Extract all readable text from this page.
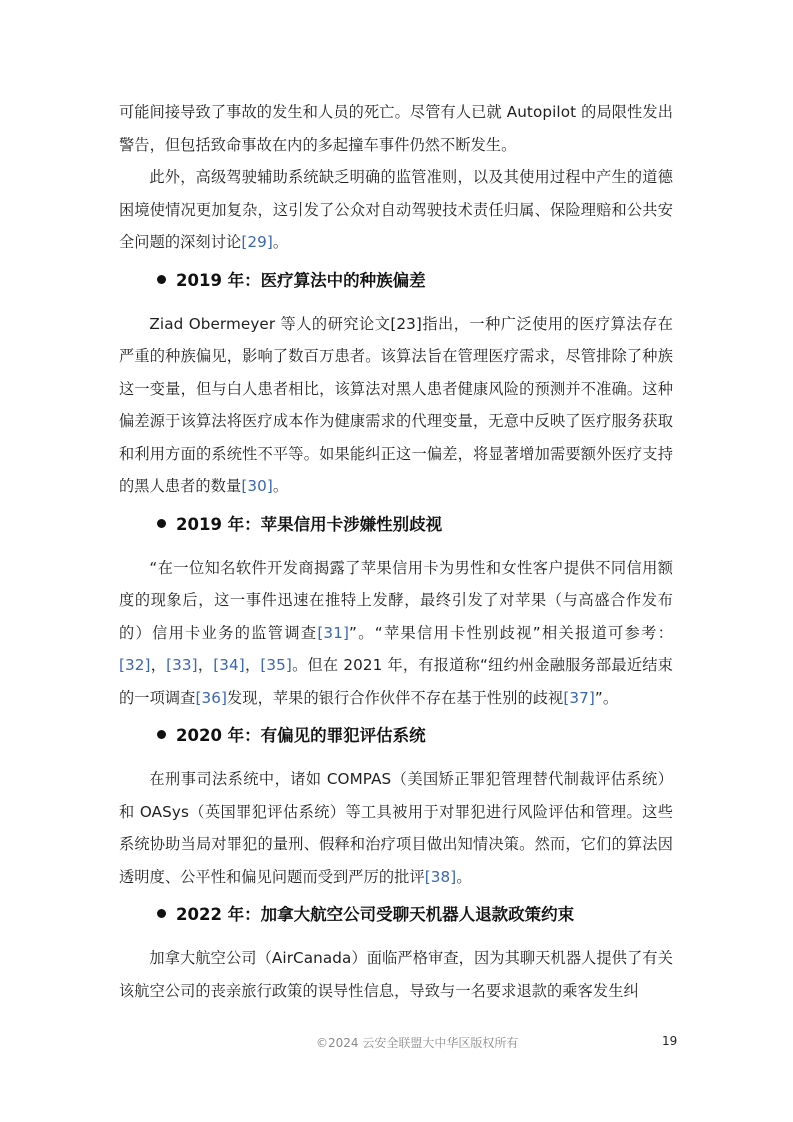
可能间接导致了事故的发生和人员的死亡。尽管有人已就 Autopilot 的局限性发出警告，但包括致命事故在内的多起撞车事件仍然不断发生。

此外，高级驾驶辅助系统缺乏明确的监管准则，以及其使用过程中产生的道德困境使情况更加复杂，这引发了公众对自动驾驶技术责任归属、保险理赔和公共安全问题的深刻讨论[29]。

2019 年：医疗算法中的种族偏差

Ziad Obermeyer 等人的研究论文[23]指出，一种广泛使用的医疗算法存在严重的种族偏见，影响了数百万患者。该算法旨在管理医疗需求，尽管排除了种族这一变量，但与白人患者相比，该算法对黑人患者健康风险的预测并不准确。这种偏差源于该算法将医疗成本作为健康需求的代理变量，无意中反映了医疗服务获取和利用方面的系统性不平等。如果能纠正这一偏差，将显著增加需要额外医疗支持的黑人患者的数量[30]。

2019 年：苹果信用卡涉嫌性别歧视

“在一位知名软件开发商揭露了苹果信用卡为男性和女性客户提供不同信用额度的现象后，这一事件迅速在推特上发酵，最终引发了对苹果（与高盛合作发布的）信用卡业务的监管调查[31]”。“苹果信用卡性别歧视”相关报道可参考：[32]，[33]，[34]，[35]。但在 2021 年，有报道称“纽约州金融服务部最近结束的一项调查[36]发现，苹果的银行合作伙伴不存在基于性别的歧视[37]”。

2020 年：有偏见的罪犯评估系统

在刑事司法系统中，诸如 COMPAS（美国矫正罪犯管理替代制裁评估系统）和 OASys（英国罪犯评估系统）等工具被用于对罪犯进行风险评估和管理。这些系统协助当局对罪犯的量刑、假释和治疗项目做出知情决策。然而，它们的算法因透明度、公平性和偏见问题而受到严厉的批评[38]。

2022 年：加拿大航空公司受聊天机器人退款政策约束

加拿大航空公司（AirCanada）面临严格审查，因为其聊天机器人提供了有关该航空公司的丧亲旅行政策的误导性信息，导致与一名要求退款的乘客发生纠

©2024 云安全联盟大中华区版权所有	19
